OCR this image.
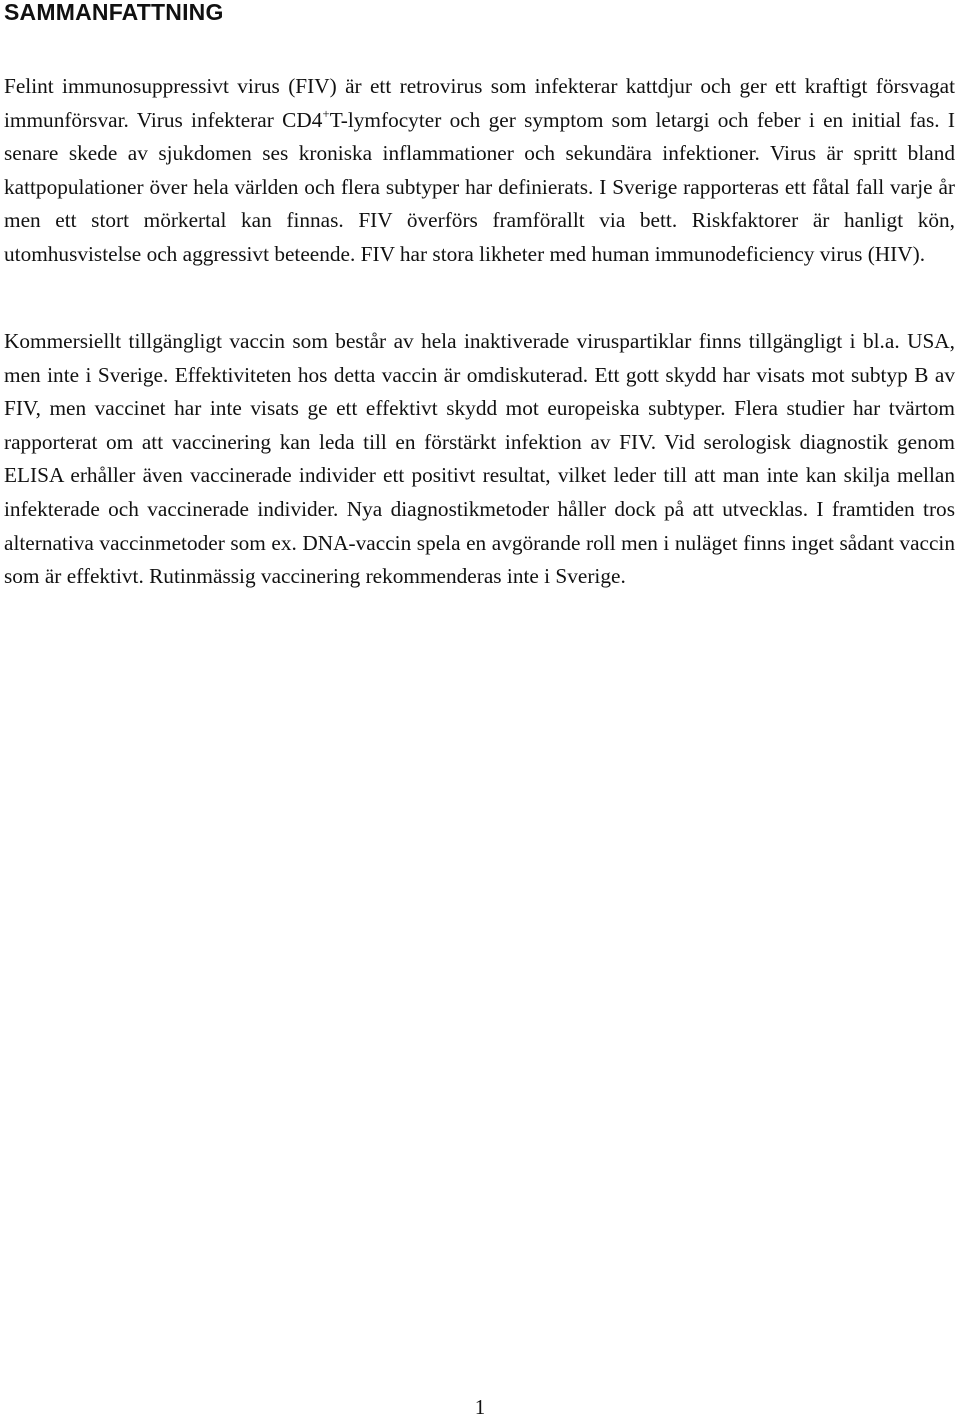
SAMMANFATTNING

Felint immunosuppressivt virus (FIV) är ett retrovirus som infekterar kattdjur och ger ett kraftigt försvagat immunförsvar. Virus infekterar CD4+T-lymfocyter och ger symptom som letargi och feber i en initial fas. I senare skede av sjukdomen ses kroniska inflammationer och sekundära infektioner. Virus är spritt bland kattpopulationer över hela världen och flera subtyper har definierats. I Sverige rapporteras ett fåtal fall varje år men ett stort mörkertal kan finnas. FIV överförs framförallt via bett. Riskfaktorer är hanligt kön, utomhusvistelse och aggressivt beteende. FIV har stora likheter med human immunodeficiency virus (HIV).

Kommersiellt tillgängligt vaccin som består av hela inaktiverade viruspartiklar finns tillgängligt i bl.a. USA, men inte i Sverige. Effektiviteten hos detta vaccin är omdiskuterad. Ett gott skydd har visats mot subtyp B av FIV, men vaccinet har inte visats ge ett effektivt skydd mot europeiska subtyper. Flera studier har tvärtom rapporterat om att vaccinering kan leda till en förstärkt infektion av FIV. Vid serologisk diagnostik genom ELISA erhåller även vaccinerade individer ett positivt resultat, vilket leder till att man inte kan skilja mellan infekterade och vaccinerade individer. Nya diagnostikmetoder håller dock på att utvecklas. I framtiden tros alternativa vaccinmetoder som ex. DNA-vaccin spela en avgörande roll men i nuläget finns inget sådant vaccin som är effektivt. Rutinmässig vaccinering rekommenderas inte i Sverige.

1
